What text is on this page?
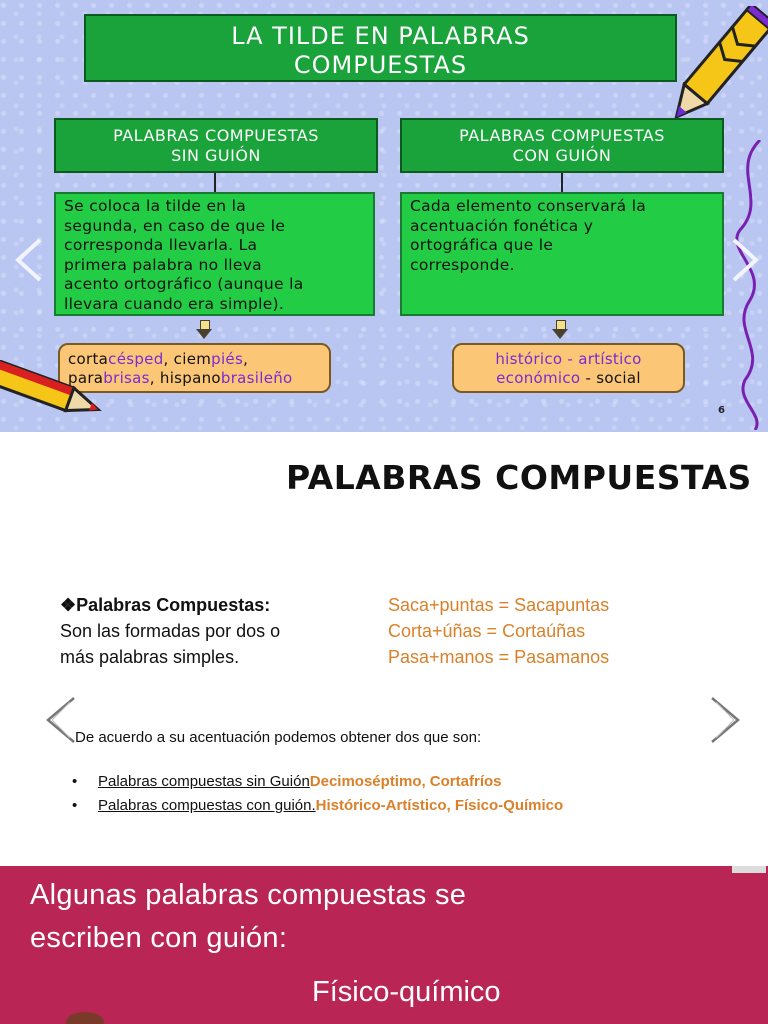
LA TILDE EN PALABRAS
COMPUESTAS
PALABRAS COMPUESTAS
SIN GUIÓN
PALABRAS COMPUESTAS
CON GUIÓN
Se coloca la tilde en la
segunda, en caso de que le
corresponda llevarla. La
primera palabra no lleva
acento ortográfico (aunque la
llevara cuando era simple).
Cada elemento conservará la
acentuación fonética y
ortográfica que le
corresponde.
cortacésped, ciempiés,
parabrisas, hispanobrasileño
histórico - artístico
económico - social
6
PALABRAS COMPUESTAS
❖Palabras Compuestas:
Son las formadas por dos o
más palabras simples.
Saca+puntas = Sacapuntas
Corta+úñas = Cortaúñas
Pasa+manos = Pasamanos
De acuerdo a su acentuación podemos obtener dos que son:
•	Palabras compuestas sin Guión Decimoséptimo, Cortafríos
•	Palabras compuestas con guión. Histórico-Artístico, Físico-Químico
Algunas palabras compuestas se
escriben con guión:
Físico-químico
